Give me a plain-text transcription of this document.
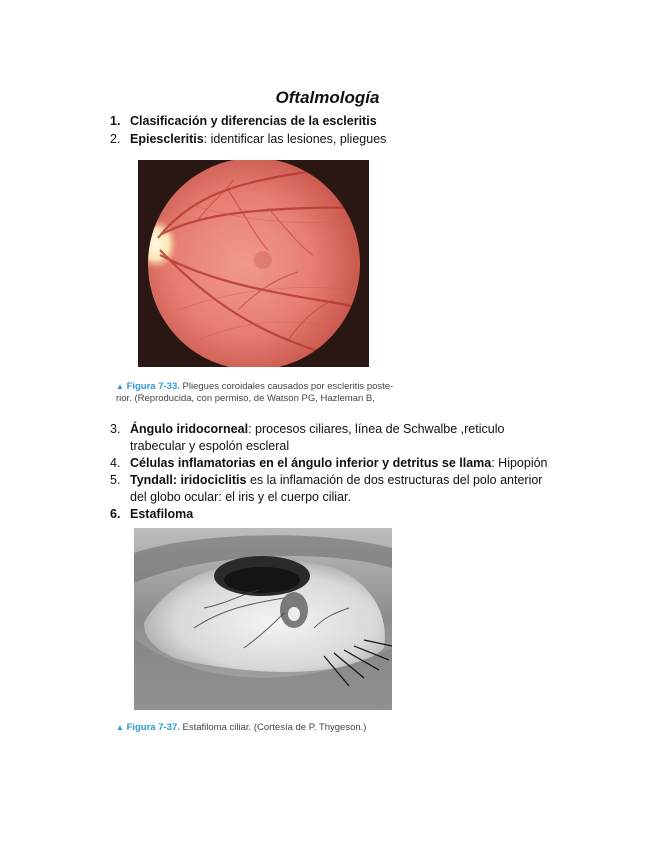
Oftalmología
1. Clasificación y diferencias de la escleritis
2. Epiescleritis: identificar las lesiones, pliegues
▲ Figura 7-33. Pliegues coroidales causados por escleritis poste-
rior. (Reproducida, con permiso, de Watson PG, Hazleman B,
3. Ángulo iridocorneal: procesos ciliares, línea de Schwalbe ,reticulo
trabecular y espolón escleral
4. Células inflamatorias en el ángulo inferior y detritus se llama: Hipopión
5. Tyndall: iridociclitis es la inflamación de dos estructuras del polo anterior
del globo ocular: el iris y el cuerpo ciliar.
6. Estafiloma
▲ Figura 7-37. Estafiloma ciliar. (Cortesía de P. Thygeson.)
